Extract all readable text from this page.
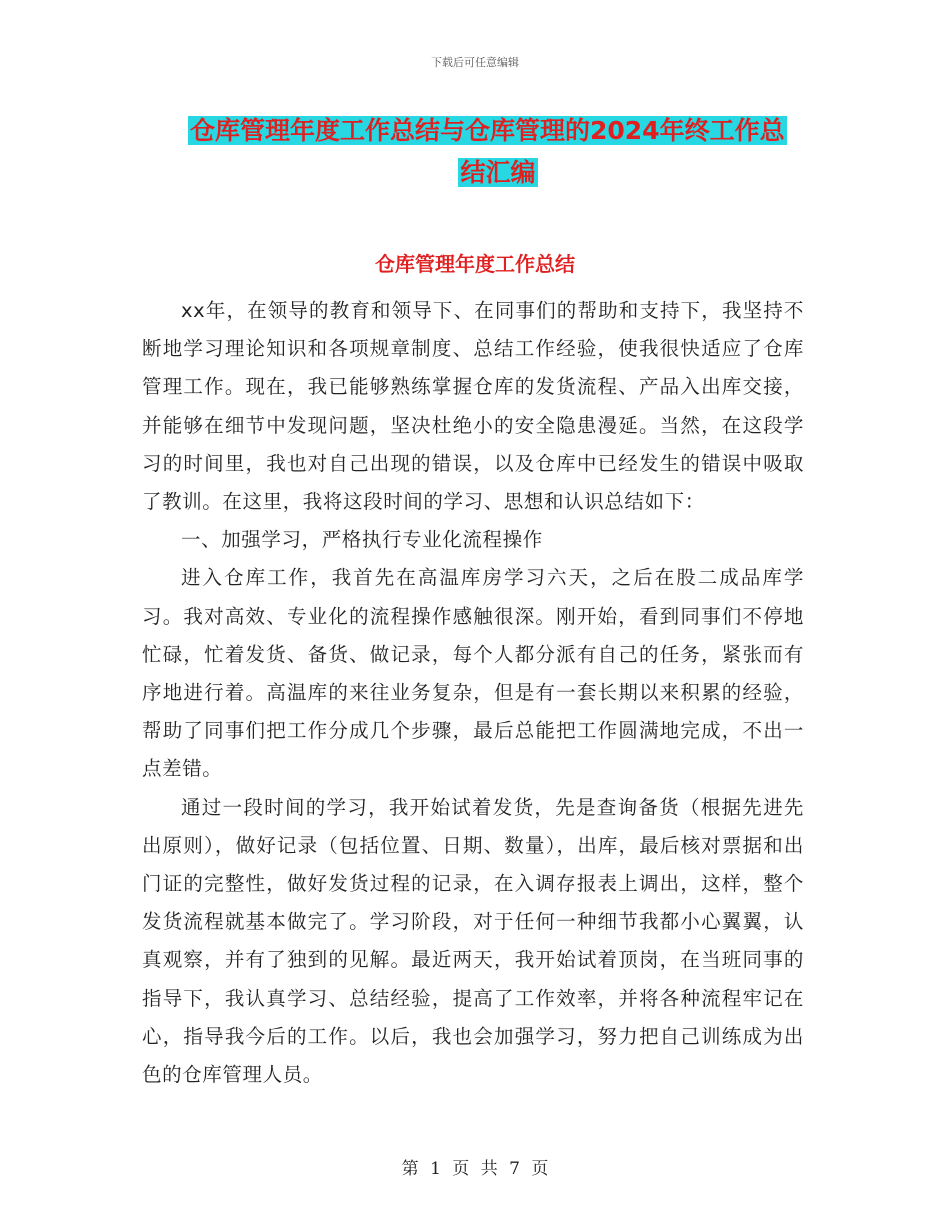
下载后可任意编辑
仓库管理年度工作总结与仓库管理的2024年终工作总
结汇编
仓库管理年度工作总结

xx年，在领导的教育和领导下、在同事们的帮助和支持下，我坚持不断地学习理论知识和各项规章制度、总结工作经验，使我很快适应了仓库管理工作。现在，我已能够熟练掌握仓库的发货流程、产品入出库交接，并能够在细节中发现问题，坚决杜绝小的安全隐患漫延。当然，在这段学习的时间里，我也对自己出现的错误，以及仓库中已经发生的错误中吸取了教训。在这里，我将这段时间的学习、思想和认识总结如下：

一、加强学习，严格执行专业化流程操作

进入仓库工作，我首先在高温库房学习六天，之后在股二成品库学习。我对高效、专业化的流程操作感触很深。刚开始，看到同事们不停地忙碌，忙着发货、备货、做记录，每个人都分派有自己的任务，紧张而有序地进行着。高温库的来往业务复杂，但是有一套长期以来积累的经验，帮助了同事们把工作分成几个步骤，最后总能把工作圆满地完成，不出一点差错。

通过一段时间的学习，我开始试着发货，先是查询备货（根据先进先出原则），做好记录（包括位置、日期、数量），出库，最后核对票据和出门证的完整性，做好发货过程的记录，在入调存报表上调出，这样，整个发货流程就基本做完了。学习阶段，对于任何一种细节我都小心翼翼，认真观察，并有了独到的见解。最近两天，我开始试着顶岗，在当班同事的指导下，我认真学习、总结经验，提高了工作效率，并将各种流程牢记在心，指导我今后的工作。以后，我也会加强学习，努力把自己训练成为出色的仓库管理人员。

第 1 页 共 7 页
